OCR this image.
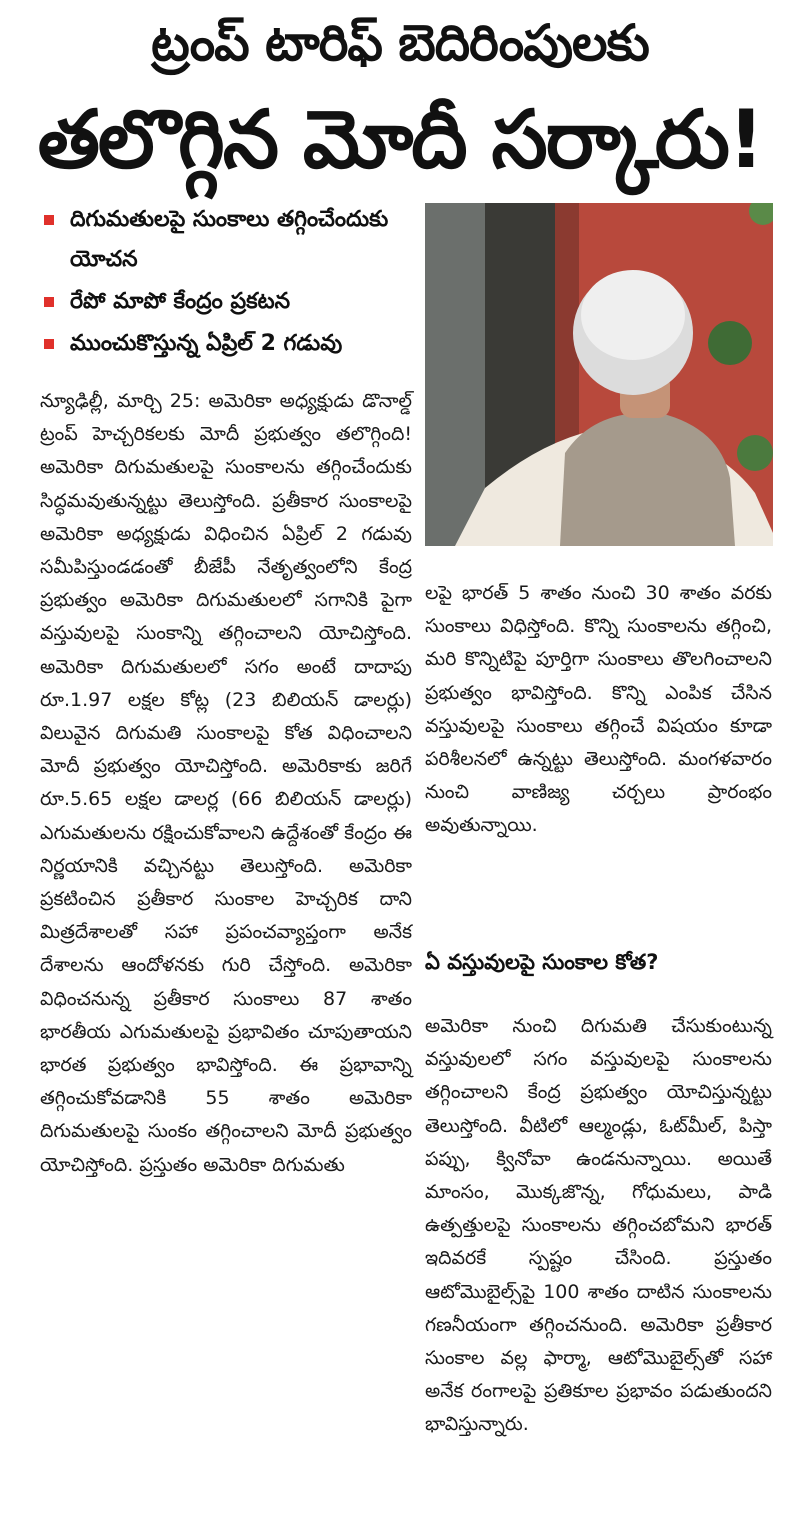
ట్రంప్ టారిఫ్ బెదిరింపులకు
తలొగ్గిన మోదీ సర్కారు!
దిగుమతులపై సుంకాలు తగ్గించేందుకు యోచన
రేపో మాపో కేంద్రం ప్రకటన
ముంచుకొస్తున్న ఏప్రిల్ 2 గడువు

న్యూఢిల్లీ, మార్చి 25: అమెరికా అధ్యక్షుడు డొనాల్డ్ ట్రంప్ హెచ్చరికలకు మోదీ ప్రభుత్వం తలొగ్గింది! అమెరికా దిగుమతులపై సుంకాలను తగ్గించేందుకు సిద్ధమవుతున్నట్టు తెలుస్తోంది. ప్రతీకార సుంకాలపై అమెరికా అధ్యక్షుడు విధించిన ఏప్రిల్ 2 గడువు సమీపిస్తుండడంతో బీజేపీ నేతృత్వంలోని కేంద్ర ప్రభుత్వం అమెరికా దిగుమతులలో సగానికి పైగా వస్తువులపై సుంకాన్ని తగ్గించాలని యోచిస్తోంది. అమెరికా దిగుమతులలో సగం అంటే దాదాపు రూ.1.97 లక్షల కోట్ల (23 బిలియన్ డాలర్లు) విలువైన దిగుమతి సుంకాలపై కోత విధించాలని మోదీ ప్రభుత్వం యోచిస్తోంది. అమెరికాకు జరిగే రూ.5.65 లక్షల డాలర్ల (66 బిలియన్ డాలర్లు) ఎగుమతులను రక్షించుకోవాలని ఉద్దేశంతో కేంద్రం ఈ నిర్ణయానికి వచ్చినట్టు తెలుస్తోంది. అమెరికా ప్రకటించిన ప్రతీకార సుంకాల హెచ్చరిక దాని మిత్రదేశాలతో సహా ప్రపంచవ్యాప్తంగా అనేక దేశాలను ఆందోళనకు గురి చేస్తోంది. అమెరికా విధించనున్న ప్రతీకార సుంకాలు 87 శాతం భారతీయ ఎగుమతులపై ప్రభావితం చూపుతాయని భారత ప్రభుత్వం భావిస్తోంది. ఈ ప్రభావాన్ని తగ్గించుకోవడానికి 55 శాతం అమెరికా దిగుమతులపై సుంకం తగ్గించాలని మోదీ ప్రభుత్వం యోచిస్తోంది. ప్రస్తుతం అమెరికా దిగుమతు

లపై భారత్ 5 శాతం నుంచి 30 శాతం వరకు సుంకాలు విధిస్తోంది. కొన్ని సుంకాలను తగ్గించి, మరి కొన్నిటిపై పూర్తిగా సుంకాలు తొలగించాలని ప్రభుత్వం భావిస్తోంది. కొన్ని ఎంపిక చేసిన వస్తువులపై సుంకాలు తగ్గించే విషయం కూడా పరిశీలనలో ఉన్నట్టు తెలుస్తోంది. మంగళవారం నుంచి వాణిజ్య చర్చలు ప్రారంభం అవుతున్నాయి.

ఏ వస్తువులపై సుంకాల కోత?

అమెరికా నుంచి దిగుమతి చేసుకుంటున్న వస్తువులలో సగం వస్తువులపై సుంకాలను తగ్గించాలని కేంద్ర ప్రభుత్వం యోచిస్తున్నట్టు తెలుస్తోంది. వీటిలో ఆల్మండ్లు, ఓట్‌మీల్, పిస్తా పప్పు, క్వినోవా ఉండనున్నాయి. అయితే మాంసం, మొక్కజొన్న, గోధుమలు, పాడి ఉత్పత్తులపై సుంకాలను తగ్గించబోమని భారత్ ఇదివరకే స్పష్టం చేసింది. ప్రస్తుతం ఆటోమొబైల్స్‌పై 100 శాతం దాటిన సుంకాలను గణనీయంగా తగ్గించనుంది. అమెరికా ప్రతీకార సుంకాల వల్ల ఫార్మా, ఆటోమొబైల్స్‌తో సహా అనేక రంగాలపై ప్రతికూల ప్రభావం పడుతుందని భావిస్తున్నారు.
